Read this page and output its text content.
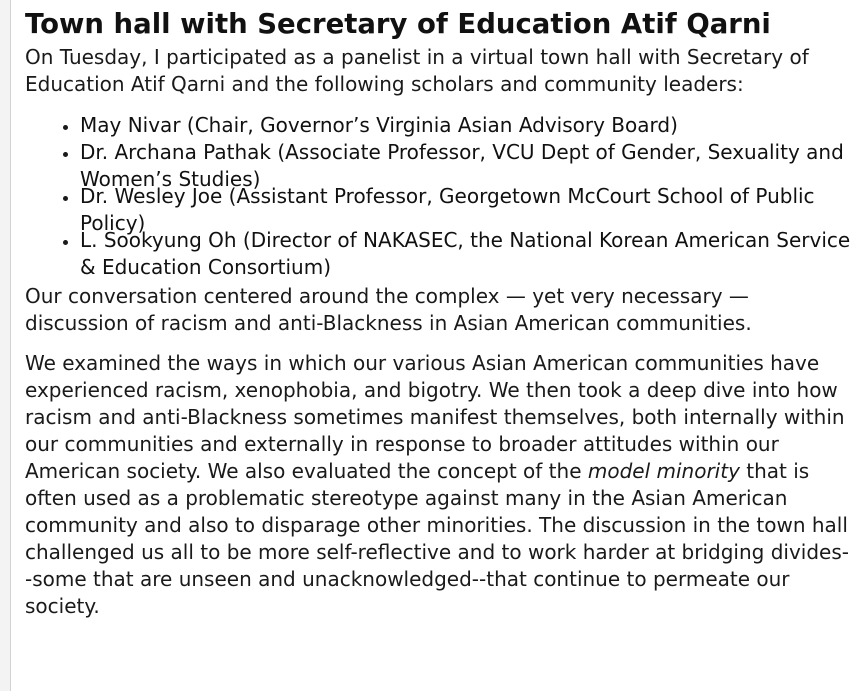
Town hall with Secretary of Education Atif Qarni

On Tuesday, I participated as a panelist in a virtual town hall with Secretary of Education Atif Qarni and the following scholars and community leaders:

May Nivar (Chair, Governor’s Virginia Asian Advisory Board)
Dr. Archana Pathak (Associate Professor, VCU Dept of Gender, Sexuality and Women’s Studies)
Dr. Wesley Joe (Assistant Professor, Georgetown McCourt School of Public Policy)
L. Sookyung Oh (Director of NAKASEC, the National Korean American Service & Education Consortium)

Our conversation centered around the complex — yet very necessary — discussion of racism and anti-Blackness in Asian American communities.

We examined the ways in which our various Asian American communities have experienced racism, xenophobia, and bigotry. We then took a deep dive into how racism and anti-Blackness sometimes manifest themselves, both internally within our communities and externally in response to broader attitudes within our American society. We also evaluated the concept of the model minority that is often used as a problematic stereotype against many in the Asian American community and also to disparage other minorities. The discussion in the town hall challenged us all to be more self-reflective and to work harder at bridging divides--some that are unseen and unacknowledged--that continue to permeate our society.
